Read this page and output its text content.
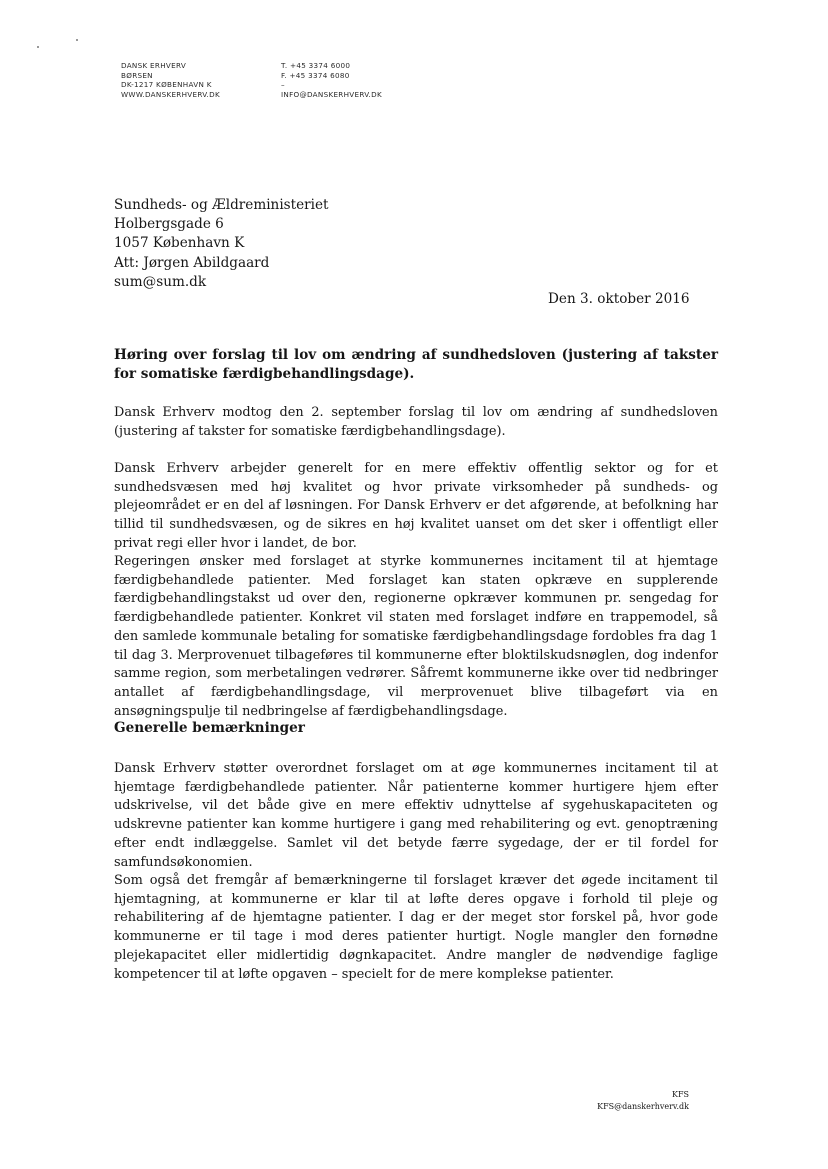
DANSK ERHVERV
BØRSEN
DK-1217 KØBENHAVN K
WWW.DANSKERHVERV.DK
T. +45 3374 6000
F. +45 3374 6080
–
INFO@DANSKERHVERV.DK
Sundheds- og Ældreministeriet
Holbergsgade 6
1057 København K
Att: Jørgen Abildgaard
sum@sum.dk
Den 3. oktober 2016
Høring over forslag til lov om ændring af sundhedsloven (justering af takster for somatiske færdigbehandlingsdage).
Dansk Erhverv modtog den 2. september forslag til lov om ændring af sundhedsloven (justering af takster for somatiske færdigbehandlingsdage).
Dansk Erhverv arbejder generelt for en mere effektiv offentlig sektor og for et sundhedsvæsen med høj kvalitet og hvor private virksomheder på sundheds- og plejeområdet er en del af løsningen. For Dansk Erhverv er det afgørende, at befolkning har tillid til sundhedsvæsen, og de sikres en høj kvalitet uanset om det sker i offentligt eller privat regi eller hvor i landet, de bor.
Regeringen ønsker med forslaget at styrke kommunernes incitament til at hjemtage færdigbehandlede patienter. Med forslaget kan staten opkræve en supplerende færdigbehandlingstakst ud over den, regionerne opkræver kommunen pr. sengedag for færdigbehandlede patienter. Konkret vil staten med forslaget indføre en trappemodel, så den samlede kommunale betaling for somatiske færdigbehandlingsdage fordobles fra dag 1 til dag 3. Merprovenuet tilbageføres til kommunerne efter bloktilskudsnøglen, dog indenfor samme region, som merbetalingen vedrører. Såfremt kommunerne ikke over tid nedbringer antallet af færdigbehandlingsdage, vil merprovenuet blive tilbageført via en ansøgningspulje til nedbringelse af færdigbehandlingsdage.
Generelle bemærkninger
Dansk Erhverv støtter overordnet forslaget om at øge kommunernes incitament til at hjemtage færdigbehandlede patienter. Når patienterne kommer hurtigere hjem efter udskrivelse, vil det både give en mere effektiv udnyttelse af sygehuskapaciteten og udskrevne patienter kan komme hurtigere i gang med rehabilitering og evt. genoptræning efter endt indlæggelse. Samlet vil det betyde færre sygedage, der er til fordel for samfundsøkonomien.
Som også det fremgår af bemærkningerne til forslaget kræver det øgede incitament til hjemtagning, at kommunerne er klar til at løfte deres opgave i forhold til pleje og rehabilitering af de hjemtagne patienter. I dag er der meget stor forskel på, hvor gode kommunerne er til tage i mod deres patienter hurtigt. Nogle mangler den fornødne plejekapacitet eller midlertidig døgnkapacitet. Andre mangler de nødvendige faglige kompetencer til at løfte opgaven – specielt for de mere komplekse patienter.
KFS
KFS@danskerhverv.dk
